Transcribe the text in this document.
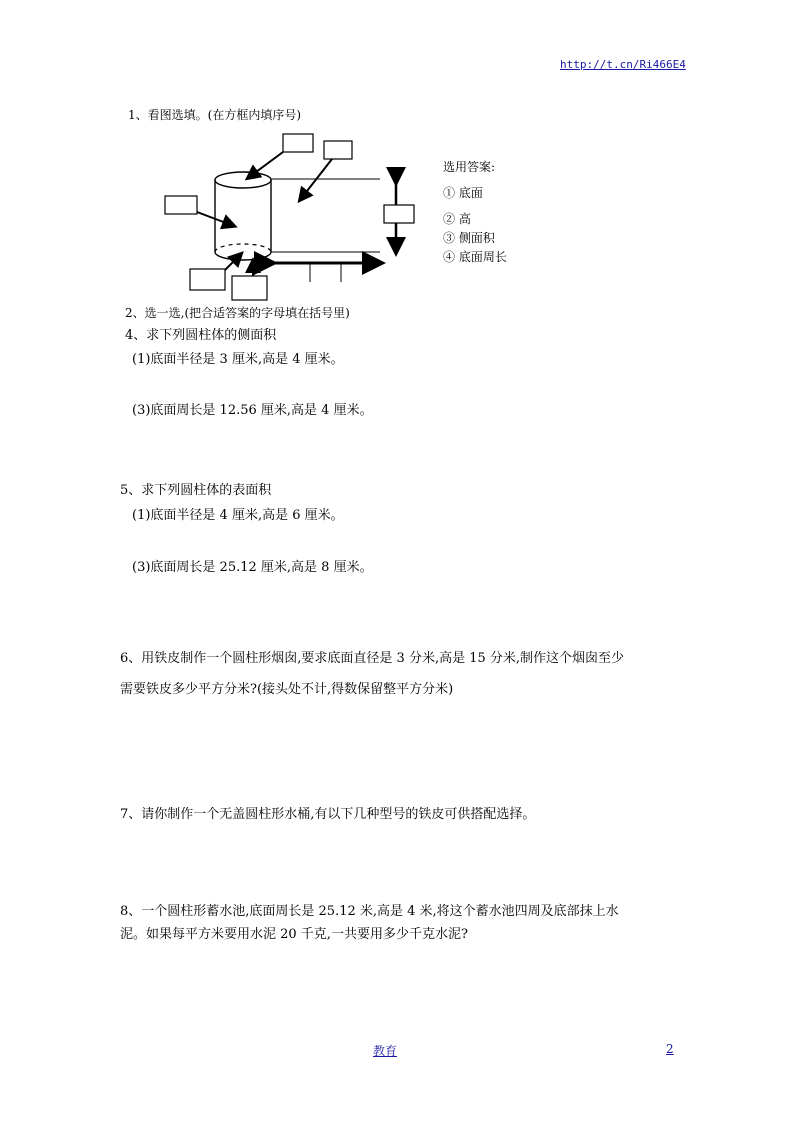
http://t.cn/Ri466E4
1、看图选填。(在方框内填序号)
选用答案:
① 底面
② 高
③ 侧面积
④ 底面周长
2、选一选,(把合适答案的字母填在括号里)
4、求下列圆柱体的侧面积
(1)底面半径是 3 厘米,高是 4 厘米。
(3)底面周长是 12.56 厘米,高是 4 厘米。
5、求下列圆柱体的表面积
(1)底面半径是 4 厘米,高是 6 厘米。
(3)底面周长是 25.12 厘米,高是 8 厘米。
6、用铁皮制作一个圆柱形烟囱,要求底面直径是 3 分米,高是 15 分米,制作这个烟囱至少
需要铁皮多少平方分米?(接头处不计,得数保留整平方分米)
7、请你制作一个无盖圆柱形水桶,有以下几种型号的铁皮可供搭配选择。
8、一个圆柱形蓄水池,底面周长是 25.12 米,高是 4 米,将这个蓄水池四周及底部抹上水
泥。如果每平方米要用水泥 20 千克,一共要用多少千克水泥?
教育	2
